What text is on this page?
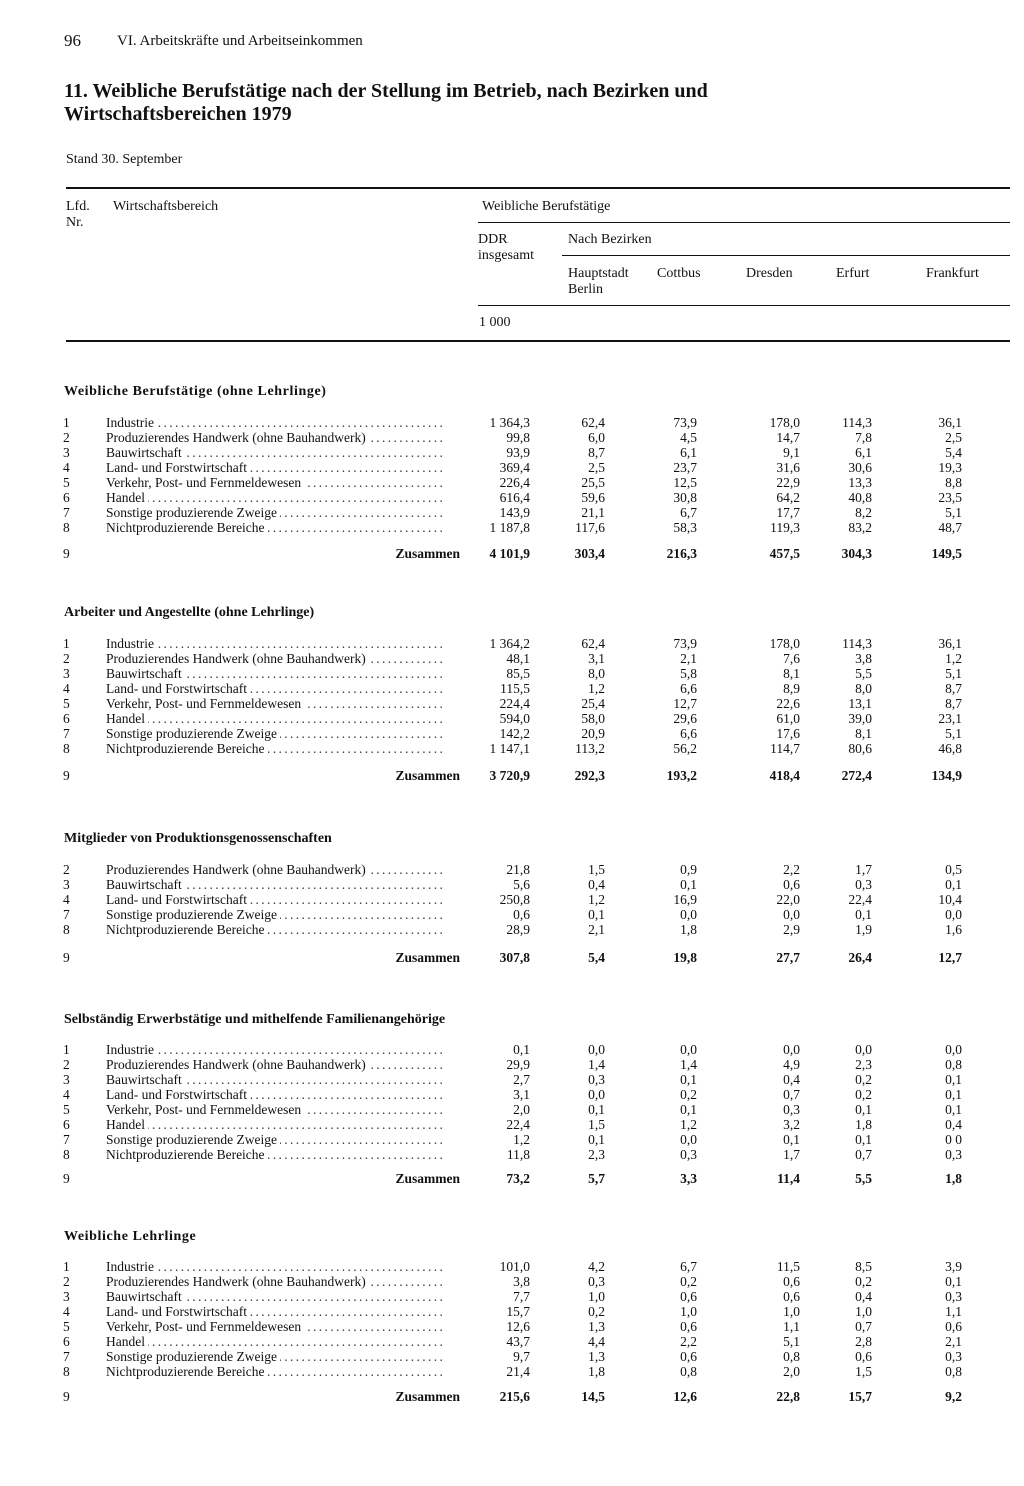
96 VI. Arbeitskräfte und Arbeitseinkommen
11. Weibliche Berufstätige nach der Stellung im Betrieb, nach Bezirken und Wirtschaftsbereichen 1979
Stand 30. September
Lfd. Nr.
Wirtschaftsbereich	Weibliche Berufstätige
DDR insgesamt
Nach Bezirken
Hauptstadt Berlin
Cottbus	Dresden	Erfurt	Frankfurt
1 000
Weibliche Berufstätige (ohne Lehrlinge)
1	Industrie . . .	1 364,3	62,4	73,9	178,0	114,3	36,1
2	Produzierendes Handwerk (ohne Bauhandwerk) . . .	99,8	6,0	4,5	14,7	7,8	2,5
3	Bauwirtschaft . . .	93,9	8,7	6,1	9,1	6,1	5,4
4	Land- und Forstwirtschaft . . .	369,4	2,5	23,7	31,6	30,6	19,3
5	Verkehr, Post- und Fernmeldewesen . . .	226,4	25,5	12,5	22,9	13,3	8,8
6	Handel . . .	616,4	59,6	30,8	64,2	40,8	23,5
7	Sonstige produzierende Zweige . . .	143,9	21,1	6,7	17,7	8,2	5,1
8	Nichtproduzierende Bereiche . . .	1 187,8	117,6	58,3	119,3	83,2	48,7
9	Zusammen	4 101,9	303,4	216,3	457,5	304,3	149,5
Arbeiter und Angestellte (ohne Lehrlinge)
1	Industrie . . .	1 364,2	62,4	73,9	178,0	114,3	36,1
2	Produzierendes Handwerk (ohne Bauhandwerk) . . .	48,1	3,1	2,1	7,6	3,8	1,2
3	Bauwirtschaft . . .	85,5	8,0	5,8	8,1	5,5	5,1
4	Land- und Forstwirtschaft . . .	115,5	1,2	6,6	8,9	8,0	8,7
5	Verkehr, Post- und Fernmeldewesen . . .	224,4	25,4	12,7	22,6	13,1	8,7
6	Handel . . .	594,0	58,0	29,6	61,0	39,0	23,1
7	Sonstige produzierende Zweige . . .	142,2	20,9	6,6	17,6	8,1	5,1
8	Nichtproduzierende Bereiche . . .	1 147,1	113,2	56,2	114,7	80,6	46,8
9	Zusammen	3 720,9	292,3	193,2	418,4	272,4	134,9
Mitglieder von Produktionsgenossenschaften
2	Produzierendes Handwerk (ohne Bauhandwerk) . . .	21,8	1,5	0,9	2,2	1,7	0,5
3	Bauwirtschaft . . .	5,6	0,4	0,1	0,6	0,3	0,1
4	Land- und Forstwirtschaft . . .	250,8	1,2	16,9	22,0	22,4	10,4
7	Sonstige produzierende Zweige . . .	0,6	0,1	0,0	0,0	0,1	0,0
8	Nichtproduzierende Bereiche . . .	28,9	2,1	1,8	2,9	1,9	1,6
9	Zusammen	307,8	5,4	19,8	27,7	26,4	12,7
Selbständig Erwerbstätige und mithelfende Familienangehörige
1	Industrie . . .	0,1	0,0	0,0	0,0	0,0	0,0
2	Produzierendes Handwerk (ohne Bauhandwerk) . . .	29,9	1,4	1,4	4,9	2,3	0,8
3	Bauwirtschaft . . .	2,7	0,3	0,1	0,4	0,2	0,1
4	Land- und Forstwirtschaft . . .	3,1	0,0	0,2	0,7	0,2	0,1
5	Verkehr, Post- und Fernmeldewesen . . .	2,0	0,1	0,1	0,3	0,1	0,1
6	Handel . . .	22,4	1,5	1,2	3,2	1,8	0,4
7	Sonstige produzierende Zweige . . .	1,2	0,1	0,0	0,1	0,1	0 0
8	Nichtproduzierende Bereiche . . .	11,8	2,3	0,3	1,7	0,7	0,3
9	Zusammen	73,2	5,7	3,3	11,4	5,5	1,8
Weibliche Lehrlinge
1	Industrie . . .	101,0	4,2	6,7	11,5	8,5	3,9
2	Produzierendes Handwerk (ohne Bauhandwerk) . . .	3,8	0,3	0,2	0,6	0,2	0,1
3	Bauwirtschaft . . .	7,7	1,0	0,6	0,6	0,4	0,3
4	Land- und Forstwirtschaft . . .	15,7	0,2	1,0	1,0	1,0	1,1
5	Verkehr, Post- und Fernmeldewesen . . .	12,6	1,3	0,6	1,1	0,7	0,6
6	Handel . . .	43,7	4,4	2,2	5,1	2,8	2,1
7	Sonstige produzierende Zweige . . .	9,7	1,3	0,6	0,8	0,6	0,3
8	Nichtproduzierende Bereiche . . .	21,4	1,8	0,8	2,0	1,5	0,8
9	Zusammen	215,6	14,5	12,6	22,8	15,7	9,2
